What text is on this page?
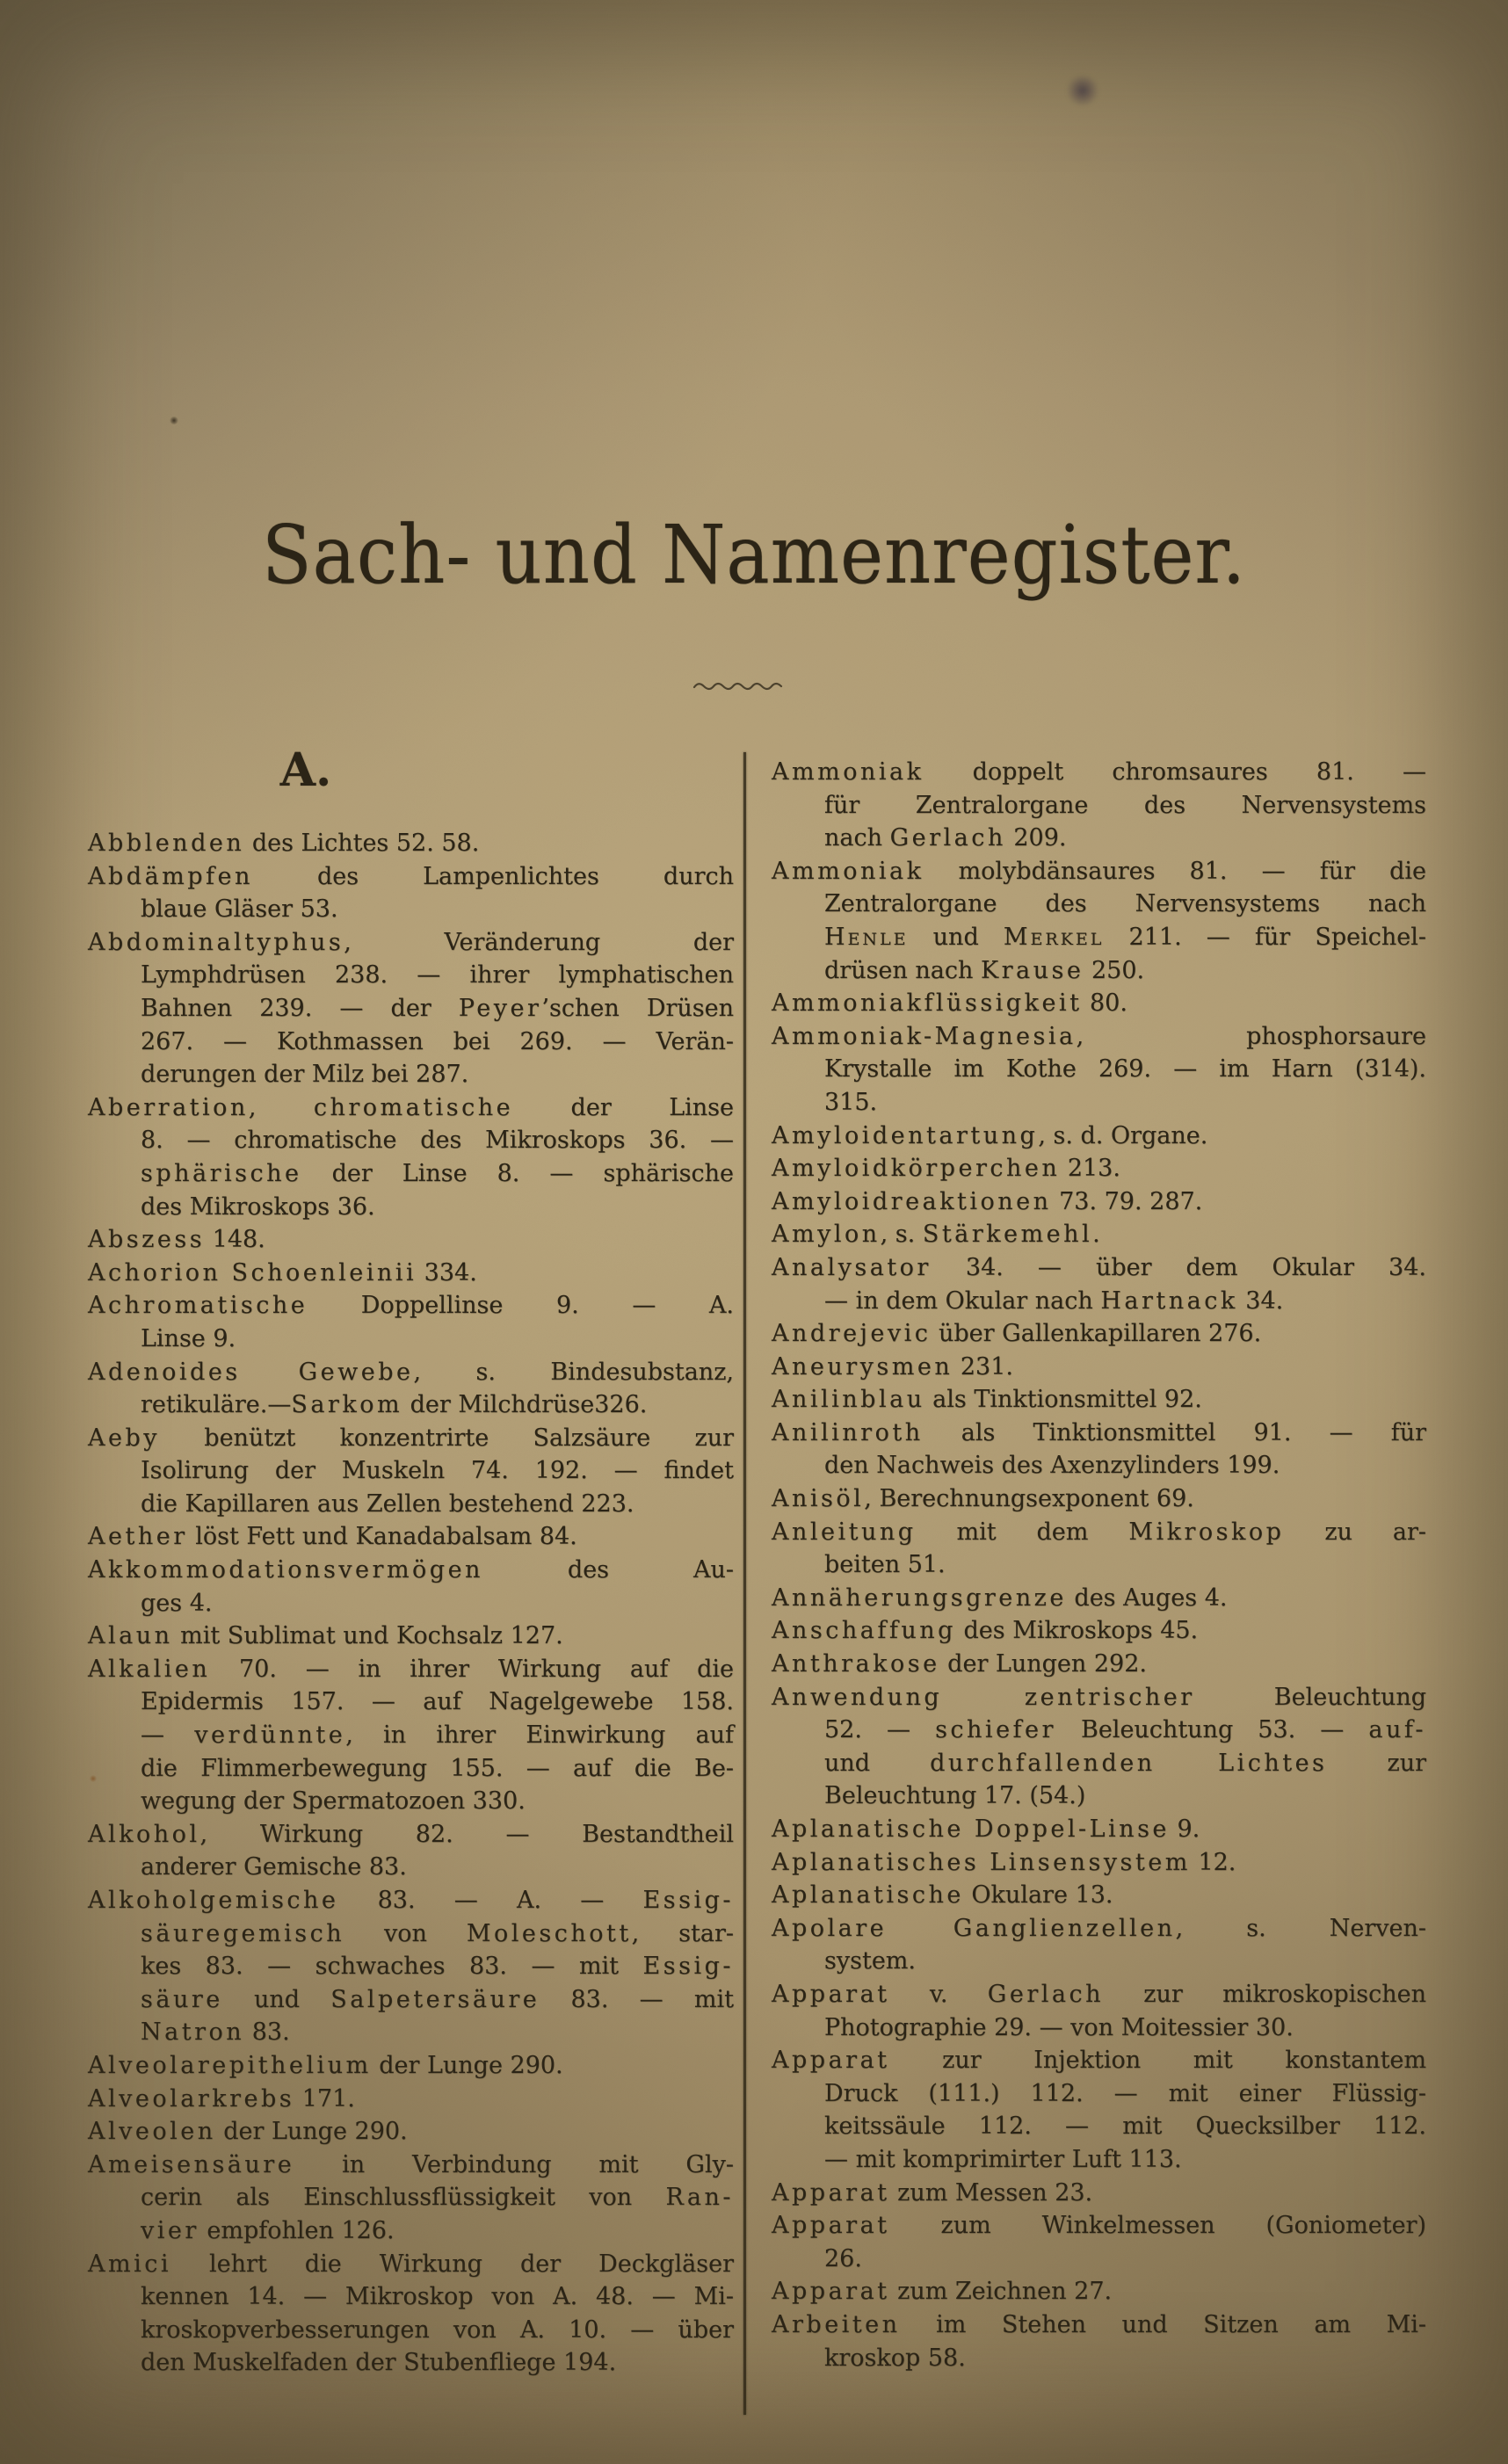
Sach- und Namenregister.
A.
Abblenden des Lichtes 52. 58.
Abdämpfen des Lampenlichtes durch
blaue Gläser 53.
Abdominaltyphus, Veränderung der
Lymphdrüsen 238. — ihrer lymphatischen
Bahnen 239. — der Peyer’schen Drüsen
267. — Kothmassen bei 269. — Verän-
derungen der Milz bei 287.
Aberration, chromatische der Linse
8. — chromatische des Mikroskops 36. —
sphärische der Linse 8. — sphärische
des Mikroskops 36.
Abszess 148.
Achorion Schoenleinii 334.
Achromatische Doppellinse 9. — A.
Linse 9.
Adenoides Gewebe, s. Bindesubstanz,
retikuläre.—Sarkom der Milchdrüse326.
Aeby benützt konzentrirte Salzsäure zur
Isolirung der Muskeln 74. 192. — findet
die Kapillaren aus Zellen bestehend 223.
Aether löst Fett und Kanadabalsam 84.
Akkommodationsvermögen des Au-
ges 4.
Alaun mit Sublimat und Kochsalz 127.
Alkalien 70. — in ihrer Wirkung auf die
Epidermis 157. — auf Nagelgewebe 158.
— verdünnte, in ihrer Einwirkung auf
die Flimmerbewegung 155. — auf die Be-
wegung der Spermatozoen 330.
Alkohol, Wirkung 82. — Bestandtheil
anderer Gemische 83.
Alkoholgemische 83. — A. — Essig-
säuregemisch von Moleschott, star-
kes 83. — schwaches 83. — mit Essig-
säure und Salpetersäure 83. — mit
Natron 83.
Alveolarepithelium der Lunge 290.
Alveolarkrebs 171.
Alveolen der Lunge 290.
Ameisensäure in Verbindung mit Gly-
cerin als Einschlussflüssigkeit von Ran-
vier empfohlen 126.
Amici lehrt die Wirkung der Deckgläser
kennen 14. — Mikroskop von A. 48. — Mi-
kroskopverbesserungen von A. 10. — über
den Muskelfaden der Stubenfliege 194.
Ammoniak doppelt chromsaures 81. —
für Zentralorgane des Nervensystems
nach Gerlach 209.
Ammoniak molybdänsaures 81. — für die
Zentralorgane des Nervensystems nach
Henle und Merkel 211. — für Speichel-
drüsen nach Krause 250.
Ammoniakflüssigkeit 80.
Ammoniak-Magnesia, phosphorsaure
Krystalle im Kothe 269. — im Harn (314).
315.
Amyloidentartung, s. d. Organe.
Amyloidkörperchen 213.
Amyloidreaktionen 73. 79. 287.
Amylon, s. Stärkemehl.
Analysator 34. — über dem Okular 34.
— in dem Okular nach Hartnack 34.
Andrejevic über Gallenkapillaren 276.
Aneurysmen 231.
Anilinblau als Tinktionsmittel 92.
Anilinroth als Tinktionsmittel 91. — für
den Nachweis des Axenzylinders 199.
Anisöl, Berechnungsexponent 69.
Anleitung mit dem Mikroskop zu ar-
beiten 51.
Annäherungsgrenze des Auges 4.
Anschaffung des Mikroskops 45.
Anthrakose der Lungen 292.
Anwendung zentrischer Beleuchtung
52. — schiefer Beleuchtung 53. — auf-
und durchfallenden Lichtes zur
Beleuchtung 17. (54.)
Aplanatische Doppel-Linse 9.
Aplanatisches Linsensystem 12.
Aplanatische Okulare 13.
Apolare Ganglienzellen, s. Nerven-
system.
Apparat v. Gerlach zur mikroskopischen
Photographie 29. — von Moitessier 30.
Apparat zur Injektion mit konstantem
Druck (111.) 112. — mit einer Flüssig-
keitssäule 112. — mit Quecksilber 112.
— mit komprimirter Luft 113.
Apparat zum Messen 23.
Apparat zum Winkelmessen (Goniometer)
26.
Apparat zum Zeichnen 27.
Arbeiten im Stehen und Sitzen am Mi-
kroskop 58.
